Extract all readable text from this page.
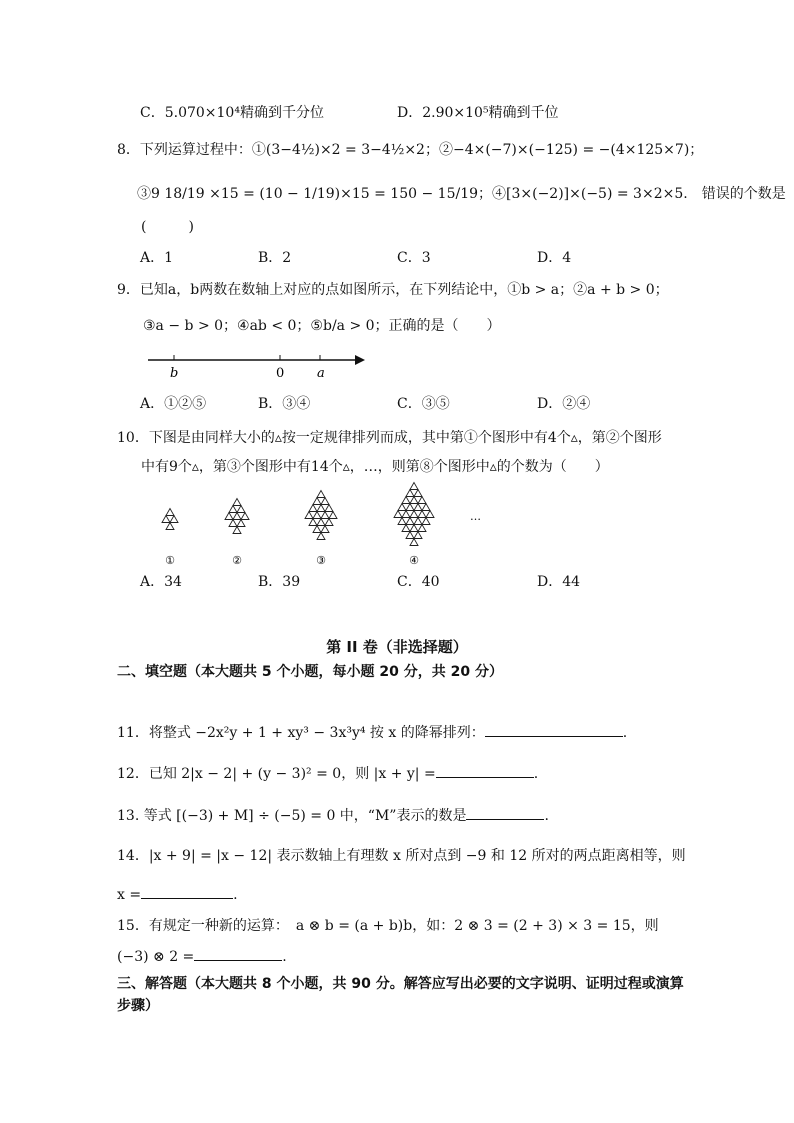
C．5.070×10⁴精确到千分位	D．2.90×10⁵精确到千位
8．下列运算过程中：①(3−4½)×2 = 3−4½×2；②−4×(−7)×(−125) = −(4×125×7)；
③9 18/19 ×15 = (10 − 1/19)×15 = 150 − 15/19；④[3×(−2)]×(−5) = 3×2×5.　错误的个数是
(　　　)
A．1	B．2	C．3	D．4
9．已知a，b两数在数轴上对应的点如图所示，在下列结论中，①b > a；②a + b > 0；
③a − b > 0；④ab < 0；⑤b/a > 0；正确的是（　　）
b	0	a
A．①②⑤	B．③④	C．③⑤	D．②④
10．下图是由同样大小的▵按一定规律排列而成，其中第①个图形中有4个▵，第②个图形
中有9个▵，第③个图形中有14个▵，…，则第⑧个图形中▵的个数为（　　）
①	②	③	④
…
A．34	B．39	C．40	D．44
第 II 卷（非选择题）
二、填空题（本大题共 5 个小题，每小题 20 分，共 20 分）
11．将整式 −2x²y + 1 + xy³ − 3x³y⁴ 按 x 的降幂排列：	.
12．已知 2|x − 2| + (y − 3)² = 0，则 |x + y| =	.
13. 等式 [(−3) + M] ÷ (−5) = 0 中，“M”表示的数是	.
14．|x + 9| = |x − 12| 表示数轴上有理数 x 所对点到 −9 和 12 所对的两点距离相等，则
x =	.
15．有规定一种新的运算：　a ⊗ b = (a + b)b，如：2 ⊗ 3 = (2 + 3) × 3 = 15，则
(−3) ⊗ 2 =	.
三、解答题（本大题共 8 个小题，共 90 分。解答应写出必要的文字说明、证明过程或演算
步骤）
